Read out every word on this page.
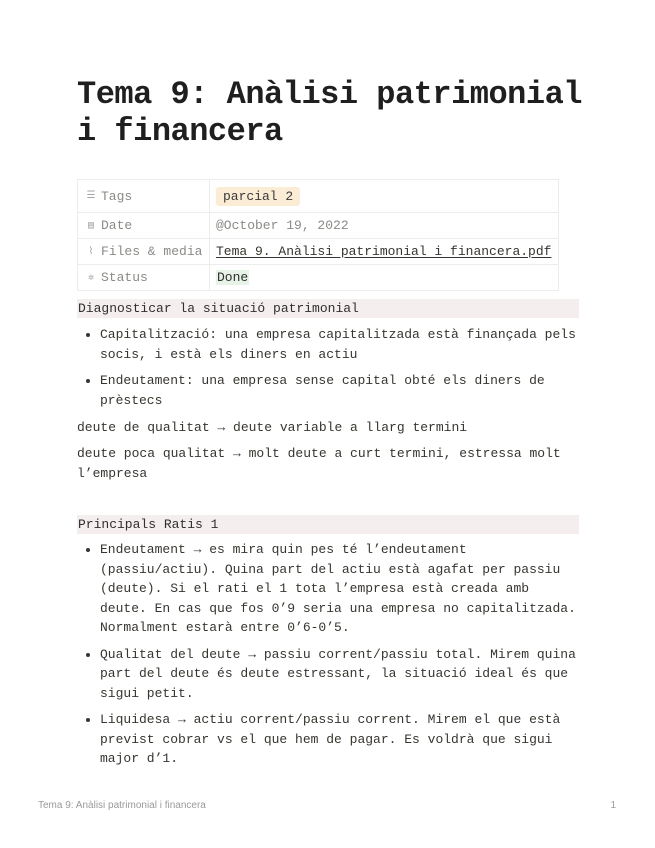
Tema 9: Anàlisi patrimonial i financera
☰ Tags	parcial 2
▤ Date	@October 19, 2022
⌇ Files & media	Tema 9. Anàlisi patrimonial i financera.pdf
✲ Status	Done
Diagnosticar la situació patrimonial
Capitalització: una empresa capitalitzada està finançada pels socis, i està els diners en actiu
Endeutament: una empresa sense capital obté els diners de prèstecs

deute de qualitat → deute variable a llarg termini

deute poca qualitat → molt deute a curt termini, estressa molt l’empresa

Principals Ratis 1
Endeutament → es mira quin pes té l’endeutament (passiu/actiu). Quina part del actiu està agafat per passiu (deute). Si el rati el 1 tota l’empresa està creada amb deute. En cas que fos 0’9 seria una empresa no capitalitzada. Normalment estarà entre 0’6-0’5.
Qualitat del deute → passiu corrent/passiu total. Mirem quina part del deute és deute estressant, la situació ideal és que sigui petit.
Liquidesa → actiu corrent/passiu corrent. Mirem el que està previst cobrar vs el que hem de pagar. Es voldrà que sigui major d’1.
Tema 9: Anàlisi patrimonial i financera	1
